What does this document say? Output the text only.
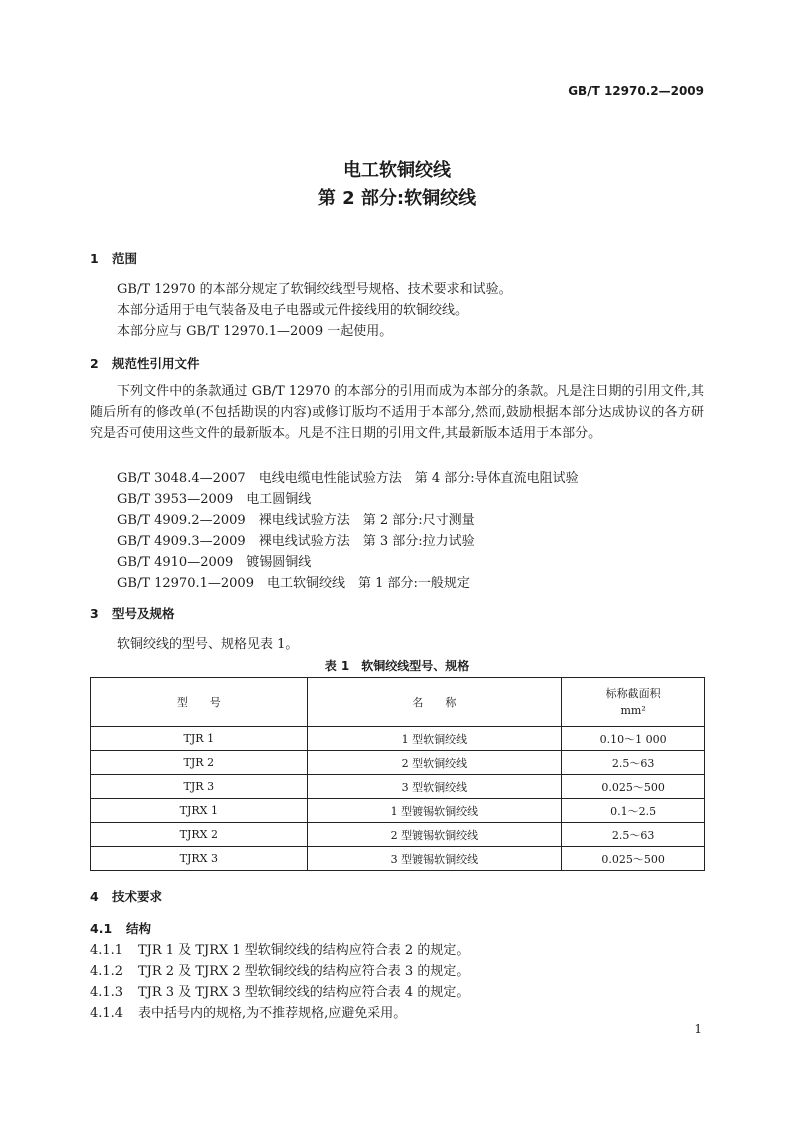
GB/T 12970.2—2009
电工软铜绞线
第 2 部分:软铜绞线
1 范围
GB/T 12970 的本部分规定了软铜绞线型号规格、技术要求和试验。
本部分适用于电气装备及电子电器或元件接线用的软铜绞线。
本部分应与 GB/T 12970.1—2009 一起使用。
2 规范性引用文件
下列文件中的条款通过 GB/T 12970 的本部分的引用而成为本部分的条款。凡是注日期的引用文件,其随后所有的修改单(不包括勘误的内容)或修订版均不适用于本部分,然而,鼓励根据本部分达成协议的各方研究是否可使用这些文件的最新版本。凡是不注日期的引用文件,其最新版本适用于本部分。
GB/T 3048.4—2007　电线电缆电性能试验方法　第 4 部分:导体直流电阻试验
GB/T 3953—2009　电工圆铜线
GB/T 4909.2—2009　裸电线试验方法　第 2 部分:尺寸测量
GB/T 4909.3—2009　裸电线试验方法　第 3 部分:拉力试验
GB/T 4910—2009　镀锡圆铜线
GB/T 12970.1—2009　电工软铜绞线　第 1 部分:一般规定
3 型号及规格
软铜绞线的型号、规格见表 1。
表 1　软铜绞线型号、规格
型　　号	名　　称	标称截面积
mm²

TJR 1	1 型软铜绞线	0.10～1 000
TJR 2	2 型软铜绞线	2.5～63
TJR 3	3 型软铜绞线	0.025～500
TJRX 1	1 型镀锡软铜绞线	0.1～2.5
TJRX 2	2 型镀锡软铜绞线	2.5～63
TJRX 3	3 型镀锡软铜绞线	0.025～500
4 技术要求
4.1 结构
4.1.1 TJR 1 及 TJRX 1 型软铜绞线的结构应符合表 2 的规定。
4.1.2 TJR 2 及 TJRX 2 型软铜绞线的结构应符合表 3 的规定。
4.1.3 TJR 3 及 TJRX 3 型软铜绞线的结构应符合表 4 的规定。
4.1.4 表中括号内的规格,为不推荐规格,应避免采用。
1
